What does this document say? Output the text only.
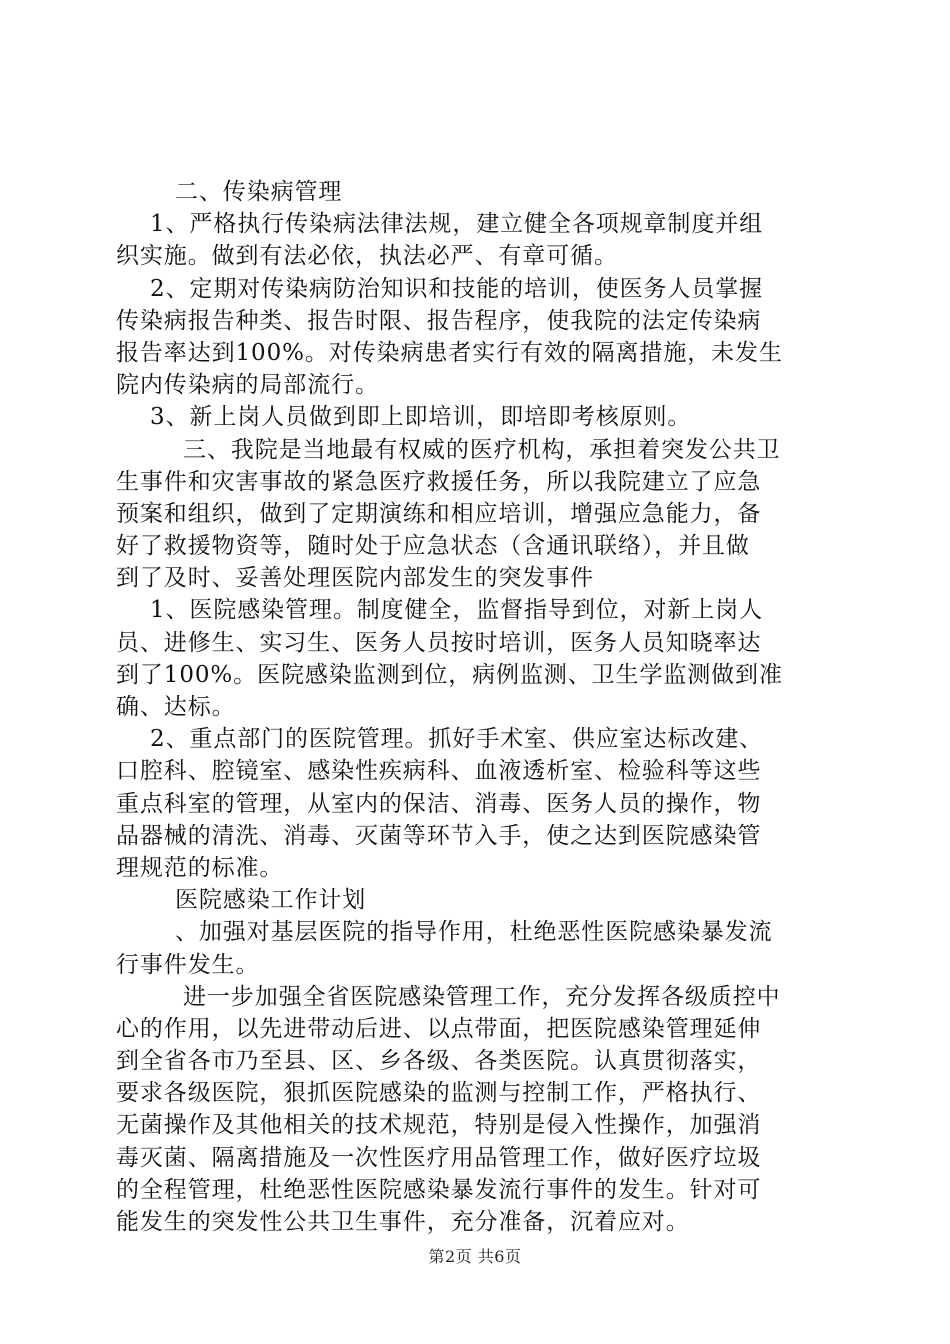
二、传染病管理
1、严格执行传染病法律法规，建立健全各项规章制度并组
织实施。做到有法必依，执法必严、有章可循。
2、定期对传染病防治知识和技能的培训，使医务人员掌握
传染病报告种类、报告时限、报告程序，使我院的法定传染病
报告率达到100%。对传染病患者实行有效的隔离措施，未发生
院内传染病的局部流行。
3、新上岗人员做到即上即培训，即培即考核原则。
三、我院是当地最有权威的医疗机构，承担着突发公共卫
生事件和灾害事故的紧急医疗救援任务，所以我院建立了应急
预案和组织，做到了定期演练和相应培训，增强应急能力，备
好了救援物资等，随时处于应急状态（含通讯联络），并且做
到了及时、妥善处理医院内部发生的突发事件
1、医院感染管理。制度健全，监督指导到位，对新上岗人
员、进修生、实习生、医务人员按时培训，医务人员知晓率达
到了100%。医院感染监测到位，病例监测、卫生学监测做到准
确、达标。
2、重点部门的医院管理。抓好手术室、供应室达标改建、
口腔科、腔镜室、感染性疾病科、血液透析室、检验科等这些
重点科室的管理，从室内的保洁、消毒、医务人员的操作，物
品器械的清洗、消毒、灭菌等环节入手，使之达到医院感染管
理规范的标准。
医院感染工作计划
、加强对基层医院的指导作用，杜绝恶性医院感染暴发流
行事件发生。
进一步加强全省医院感染管理工作，充分发挥各级质控中
心的作用，以先进带动后进、以点带面，把医院感染管理延伸
到全省各市乃至县、区、乡各级、各类医院。认真贯彻落实，
要求各级医院，狠抓医院感染的监测与控制工作，严格执行、
无菌操作及其他相关的技术规范，特别是侵入性操作，加强消
毒灭菌、隔离措施及一次性医疗用品管理工作，做好医疗垃圾
的全程管理，杜绝恶性医院感染暴发流行事件的发生。针对可
能发生的突发性公共卫生事件，充分准备，沉着应对。
第2页 共6页
